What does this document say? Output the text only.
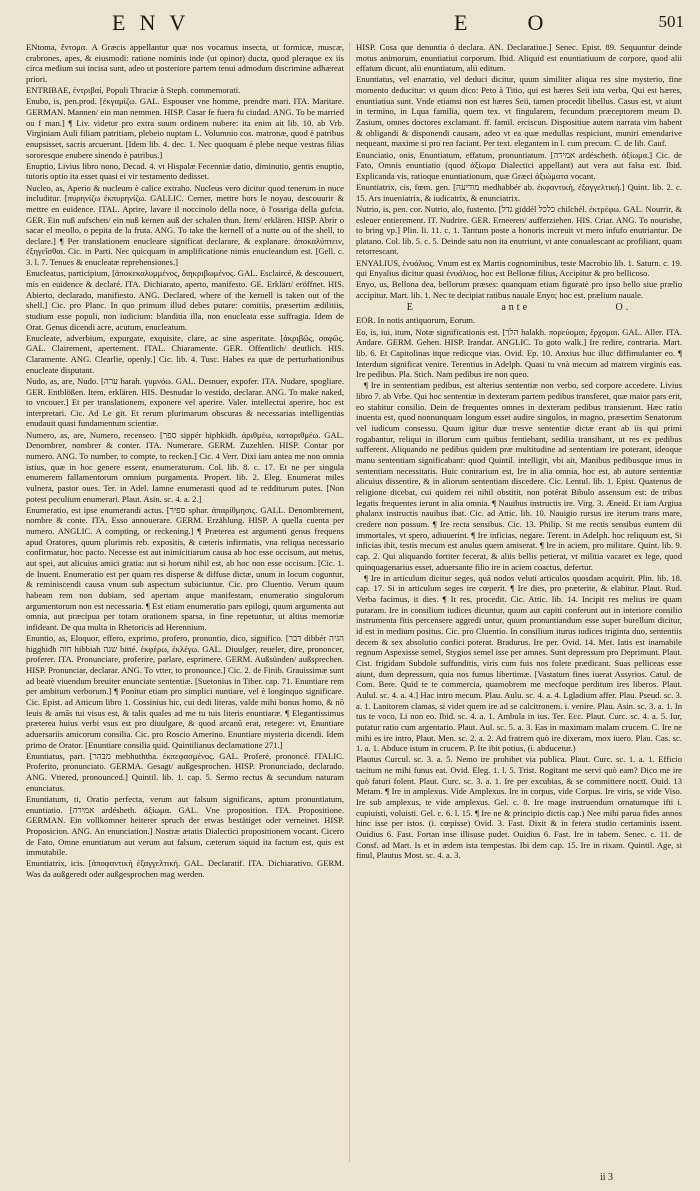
ENV	EO	501

ENtoma, ἔντομα. A Græcis appellantur quæ nos vocamus insecta, ut formicæ, muscæ, crabrones, apes, & eiusmodi: ratione nominis inde (ut opinor) ducta, quod pleraque ex iis circa medium sui incisa sunt, adeo ut posteriore partem tenui admodum discrimine adhæreat priori.

ENTRIBAE, ἐντριβαί, Populi Thraciæ à Steph. commemorati.

Enubo, is, pen.prod. [ἐκγαμίζω. GAL. Espouser vne homme, prendre mari. ITA. Maritare. GERMAN. Mannen/ ein man nemmen. HISP. Casar fe fuera fu ciudad. ANG. To be married ou f man.] ¶ Liv. videtur pro extra suum ordinem nubere: ita enim ait lib. 10. ab Vrb. Virginiam Auli filiam patritiam, plebeio nuptam L. Volumnio cos. matronæ, quod è patribus enupsisset, sacris arcuerunt. [Idem lib. 4. dec. 1. Nec quoquam è plebe neque vestras filias sororesque enubere sinendo è patribus.]

Enuptio, Livius libro nono, Decad. 4. vt Hispalæ Fecenniæ datio, diminutio, gentis enuptio, tutoris optio ita esset quasi ei vir testamento dedisset.

Nucleo, as, Aperio & nucleum è calice extraho. Nucleus vero dicitur quod tenerum in nuce includitur. [πυρηνίζω ἐκπυρηνίζω. GALLIC. Cerner, mettre hors le noyau, descouurir & mettre en euidence. ITAL. Aprire, lavare il noccinolo della noce, ò l'ossriga della gufcia. GER. Ein nuß aufschen/ ein nuß kernen auß der schalen thun. Item/ erklären. HISP. Abrir o sacar el meollo, o pepita de la fruta. ANG. To take the kernell of a nutte ou of the shell, to declare.] ¶ Per translationem enucleare significat declarare, & explanare. ἀποκαλύπτειν, ἐξηγεῖσθαι. Cic. in Parti. Nec quicquam in amplificatione nimis enucleandum est. [Gell. c. 3. l. 7. Tenues & enucleatæ reprehensiones.]

Enucleatus, participium, [ἀποκεκαλυμμένος, διηκριβωμένος. GAL. Esclaircé, & descouuert, mis en euidence & declaré. ITA. Dichiarato, aperto, manifesto. GE. Erklärt/ eröffnet. HIS. Abierto, declarado, manifiesto. ANG. Declared, where of the kernell is taken out of the shell.] Cic. pro Planc. In quo primum illud debes putare: comitiis, præsertim ædilitiis, studium esse populi, non iudicium: blanditia illa, non enucleata esse suffragia. Idem de Orat. Genus dicendi acre, acutum, enucleatum.

Enucleate, adverbium, expurgate, exquisite, clare, ac sine asperitate. [ἀκριβῶς, σαφῶς. GAL. Clairement, apertement. ITAL. Chiaramente. GER. Offentlich/ deutlich. HIS. Claramente. ANG. Clearlie, openly.] Cic. lib. 4. Tusc. Habes ea quæ de perturbationibus enucleate disputant.

Nudo, as, are, Nudo. [ערה harah. γυμνόω. GAL. Desnuer, expofer. ITA. Nudare, spogliare. GER. Entblößen. Item, erklären. HIS. Desnudar lo vestido, declarar. ANG. To make naked, to vncouer.] Et per translationem, exponere vel aperire. Valer. intellectui aperire, hoc est interpretari. Cic. Ad Le git. Et rerum plurimarum obscuras & necessarias intelligentias enudauit quasi fundamentum scientiæ.

Numero, as, are, Numero, recenseo. [ספר sippér hiphkidh. ἀριθμέω, καταριθμέω. GAL. Denombrer, nombrer & conter. ITA. Numerare. GERM. Zuzehlen. HISP. Contar por numero. ANG. To number, to compte, to recken.] Cic. 4 Verr. Dixi iam antea me non omnia istius, quæ in hoc genere essent, enumeraturum. Col. lib. 8. c. 17. Et ne per singula enumerem fallamentorum omnium purgamenta. Propert. lib. 2. Eleg. Enumerat miles vulnera, pastor oues. Ter. in Adel. Iamne enumerasti quod ad te redditurum putes. [Non potest peculium enumerari. Plaut. Asin. sc. 4. a. 2.]

Enumeratio, est ipse enumerandi actus. [ספיר sphar. ἀπαρίθμησις. GALL. Denombrement, nombre & conte. ITA. Esso annouerare. GERM. Erzählung. HISP. A quella cuenta per numero. ANGLIC. A compting, or reckening.] ¶ Præterea est argumenti genus frequens apud Oratores, quum plurimis reb. expositis, & cæteris infirmatis, vna reliqua necessario confirmatur, hoc pacto. Necesse est aut inimicitiarum causa ab hoc esse occisum, aut metus, aut spei, aut alicuius amici gratia: aut si horum nihil est, ab hoc non esse occisum. [Cic. 1. de Inuent. Enumeratio est per quam res disperse & diffuse dictæ, unum in locum coguntur, & reminiscendi causa vnum sub aspectum subiciuntur. Cic. pro Cluentio. Verum quum habeam rem non dubiam, sed apertam atque manifestam, enumeratio singulorum argumentorum non est necessaria. ¶ Est etiam enumeratio pars epilogi, quum argumenta aut omnia, aut præcipua per totam orationem sparsa, in fine repetuntur, ut altius memoriæ infideant. De qua multa in Rhetoricis ad Herennium.

Enuntio, as, Eloquor, effero, exprimo, profero, pronuntio, dico, significo. [דבר dibbér הגיה higghidh חוה hibbiah שנה bitté. ἐκφέρω, ἐκλέγω. GAL. Diuulger, reueler, dire, prononcer, proferer. ITA. Pronunciare, proferire, parlare, esprimere. GERM. Außsünden/ außsprechen. HISP. Pronunciar, declarar. ANG. To vtter, to pronounce.] Cic. 2. de Finib. Grauissimæ sunt ad beatè viuendum breuiter enunciate sententiæ. [Suetonius in Tiber. cap. 71. Enuntiare rem per ambitum verborum.] ¶ Ponitur etiam pro simplici nuntiare, vel è longinquo significare. Cic. Epist. ad Atticum libro 1. Cossinius hic, cui dedi literas, valde mihi bonus homo, & nō leuis & amās tui visus est, & talis quales ad me tu tuis literis enuntiaræ. ¶ Elegantissimus præterea huius verbi vsus est pro diuulgare, & quod arcanū erat, retegere: vt, Enuntiare aduersariis amicorum consilia. Cic. pro Roscio Amerino. Enuntiare mysteria dicendi. Idem primo de Orator. [Enuntiare consilia quid. Quintilianus declamatione 271.]

Enuntiatus, part. [מבהר mebhuththa. ἐκπεφασμένος. GAL. Proferé, prononcé. ITALIC. Proferito, pronunciato. GERMA. Gesagt/ außgesprochen. HISP. Pronunciado, declarado. ANG. Vttered, pronounced.] Quintil. lib. 1. cap. 5. Sermo rectus & secundum naturam enunciatus.

Enuntiatum, ti, Oratio perfecta, verum aut falsum significans, aptum pronuntiatum, enuntiatio. [אמירה ardésheth. ἀξίωμα. GAL. Vne proposition. ITA. Propositione. GERMAN. Ein vollkomner heiterer spruch der etwas bestätiget oder verneinet. HISP. Proposicion. ANG. An enunciation.] Nostræ ætatis Dialectici propositionem vocant. Cicero de Fato, Omne enuntiatum aut verum aut falsum, cæterum siquid ita factum est, quis est immutabile.

Enuntiatrix, icis. [ἀποφαντική ἐξαγγελτική. GAL. Declaratif. ITA. Dichiarativo. GERM. Was da außgeredt oder außgesprochen mag werden.

HISP. Cosa que denuntia ó declara. AN. Declaratiue.] Senec. Epist. 89. Sequuntur deinde motus animorum, enuntiatiui corporum. Ibid. Aliquid est enuntiatiuum de corpore, quod alii effatum dicunt, alii enuntiatum, alii editum.

Enuntiatus, vel enarratio, vel deduci dicitur, quum similiter aliqua res sine mysterio, fine momento deducitur: vt quum dico: Peto à Titio, qui est hæres Seii ista verba, Qui est hæres, enuntiatiua sunt. Vnde etiamsi non est hæres Seii, tamen procedit libellus. Casus est, vt aiunt in termino, in Lqua familia, quem tex. vt fingularem, fecundum præceptorem meum D. Zasium, omnes doctores exclamant. ff. famil. erciscun. Dispositiue autem narrata vim habent & obligandi & disponendi causam, adeo vt ea quæ medullas respiciunt, muniri emendarive nequeant, maxime si pro reo faciant. Per text. elegantem in l. cum precum. C. de lib. Cauf.

Enunciatio, onis, Enuntiatum, effatum, pronuntiatum. [אמירה ardéscheth. ἀξίωμα.] Cic. de Fato, Omnis enuntiatio (quod ἀξίωμα Dialectici appellant) aut vera aut falsa est. Ibid. Explicanda vis, ratioque enuntiationum, quæ Græci ἀξιώματα vocant.

Enuntiatrix, cis, fœm. gen. [מודיעה medhabbér ab. ἐκφαντικὴ, ἐξαγγελτική.] Quint. lib. 2. c. 15. Ars inueniatrix, & iudicatrix, & enunciatrix.

Nutrio, is, pen. cor. Nutrio, alo, fustento. [גדל giddél כלכל chilchél. ἐκτρέφω. GAL. Nourrir, & esleuer entierement. IT. Nudrire. GER. Erneeren/ aufferziehen. HIS. Criar. ANG. To nourishe, to bring vp.] Plin. li. 11. c. 1. Tantum poste a honoris increuit vt mero infufo enutriantur. De platano. Col. lib. 5. c. 5. Deinde satu non ita enutriunt, vt ante conualescant ac profiliant, quam retorrescant.

ENYALIUS, ἐνυάλιος. Vnum est ex Martis cognominibus, teste Macrobio lib. 1. Saturn. c. 19. qui Enyalius dicitur quasi ἐνυάλιος, hoc est Bellonæ filius, Accipitur & pro bellicoso.

Enyo, us, Bellona dea, bellorum præses: quanquam etiam figuratè pro ipso bello siue prælio accipitur. Mart. lib. 1. Nec te decipiat ratibus nauale Enyo; hoc est, prælium nauale.

E	ante	O.

EOR. In notis antiquorum, Eorum.

Eo, is, iui, itum, Notæ significationis est. [הלך halakh. πορεύομαι, ἔρχομαι. GAL. Aller. ITA. Andare. GERM. Gehen. HISP. Irandar. ANGLIC. To goto walk.] Ire redire, contraria. Mart. lib. 6. Et Capitolinas itque redicque vias. Ovid. Ep. 10. Anxius huc illuc diffimulanter eo. ¶ Interdum significat venire. Terentius in Adelph. Quasi tu vnà mecum ad matrem virginis eas. Ire pedibus. Pla. Stich. Nam pedibus ire non queo.

¶ Ire in sententiam pedibus, est alterius sententiæ non verbo, sed corpore accedere. Livius libro 7. ab Vrbe. Qui hoc sententiæ in dexteram partem pedibus transferet, quæ maior pars erit, eo stabitur consilio. Dein de frequentes omnes in dexteram pedibus transierunt. Hæc ratio inuenta est, quod nonnunquam longum esset audire singulos, in magno, præsertim Senatorum vel iudicum consessu. Quum igitur duæ tresve sententiæ dictæ erant ab iis qui primi rogabantur, reliqui in illorum cum quibus fentiebant, sedilia transibant, ut res ex pedibus sufferent. Aliquando ne pedibus quidem præ multitudine ad sententiam ire poterant, ideoque manu sententiam significabant: quod Quintil. intelligit, vbi ait, Manibus pedibusque imus in sententiam necessitatis. Huic contrarium est, Ire in alia omnia, hoc est, ab autore sententiæ alicuius dissentire, & in aliorum sententiam discedere. Cic. Lentul. lib. 1. Epist. Quatenus de religione dicebat, cui quidem rei nihil obstitit, non potérat Bibulo assensum est: de tribus legatis frequentes ierunt in alia omnia. ¶ Nauibus instructis ire. Virg. 3. Æneid. Et iam Argiua phalanx instructis nauibus ibat. Cic. ad Attic. lib. 10. Nauigio rursus ire iterum trans mare, credere non possum. ¶ Ire recta sensibus. Cic. 13. Philip. Si me rectis sensibus euntem dii immortales, vt spero, adiuuerint. ¶ Ire inficias, negare. Terent. in Adelph. hoc reliquum est, Si inficias ibit, testis mecum est anulus quem amiserat. ¶ Ire in aciem, pro militare. Quint. lib. 9. cap. 2. Qui aliquando fortiter fecerat, & aliis bellis petierat, vt militia vacaret ex lege, quod quinquagenarius esset, aduersante filio ire in aciem coactus, defertur.

¶ Ire in articulum dicitur seges, quā nodos veluti articulos quosdam acquirit. Plin. lib. 18. cap. 17. Si in articulum seges ire cœperit. ¶ Ire dies, pro præterite, & elabitur. Plaut. Rud. Verba facimus, it dies. ¶ It res, procedit. Cic. Attic. lib. 14. Incipit res melius ire quam putaram. Ire in consilium iudices dicuntur, quum aut capiti conferunt aut in interiore consilio instrumenta fitis percensere aggredi untur, quum pronuntiandum esse super burellum dicitur, id est in medium positus. Cic. pro Cluentio. In consilium iturus iudices trigintа duo, sententiis decem & sex absolutio confici poterat. Bradurus. Ire per. Ovid. 14. Met. Iatis est inamabile regnum Aspexisse semel, Stygios semel isse per amnes. Sunt depressum pro Deprimunt. Plaut. Cist. frigidam Subdole suffunditis, viris cum fuis nos folete prædicant. Suas pelliceas esse aiunt, dum depressum, quia nos fumus libertimæ. [Vastatum fines iuerat Assyrios. Catul. de Com. Bere. Quid te te commercia, quamobrem me mecfoque perditum ires liberos. Plaut. Aulul. sc. 4. a. 4.] Hac intro mecum. Plau. Aulu. sc. 4. a. 4. Lgladium affer. Plau. Pseud. sc. 3. a. 1. Lanitorem clamas, si videt quem ire ad se calcitronem. i. venire. Plau. Asin. sc. 3. a. 1. In tus te voco, Li non eo. Ibid. sc. 4. a. 1. Ambula in ius. Ter. Ecc. Plaut. Curc. sc. 4. a. 5. Iur, putatur ratio cum argentario. Plaut. Aul. sc. 5. a. 3. Eas in maximam malam crucem. C. Ire ne mihi es ire intro, Plaut. Men. sc. 2. a. 2. Ad fratrem quò ire dixeram, mox iuero. Plau. Cas. sc. 1. a. 1. Abduce istum in crucem. P. Ite ibit potius, (i. abducetur.)

Plautus Curcul. sc. 3. a. 5. Nemo ire prohibet via publica. Plaut. Curc. sc. 1. a. 1. Efficio tacitum ne mihi funus eat. Ovid. Eleg. 1. l. 5. Trist. Rogitant me servi quò eam? Dico me ire quò faturi folent. Plaut. Curc. sc. 3. a. 1. Ire per excubias, & se committere noctī. Ouid. 13 Metam. ¶ Ire in amplexus. Vide Amplexus. Ire in corpus, vide Corpus. Ire viris, se vide Viso. Ire sub amplexus, te vide amplexus. Gel. c. 8. Ire mage instruendum ornatumque ifti i. cupiuisti, voluisti. Gel. c. 6. l. 15. ¶ Ire ne & principio dictis cap.) Nee mihi parua fides annos hinc isse per istos. (i. cœpisse) Ovid. 3. Fast. Dixit & in fetera studio certaminis issent. Ouidius 6. Fast. Fortan inse illisuse pudet. Ouidius 6. Fast. Ire in tabem. Senec. c. 11. de Consf. ad Mart. Is et in ædem ista tempestas. Ibi dem cap. 15. Ire in rixam. Quintil. Age, si finul, Plautus Most. sc. 4. a. 3.

ii 3
